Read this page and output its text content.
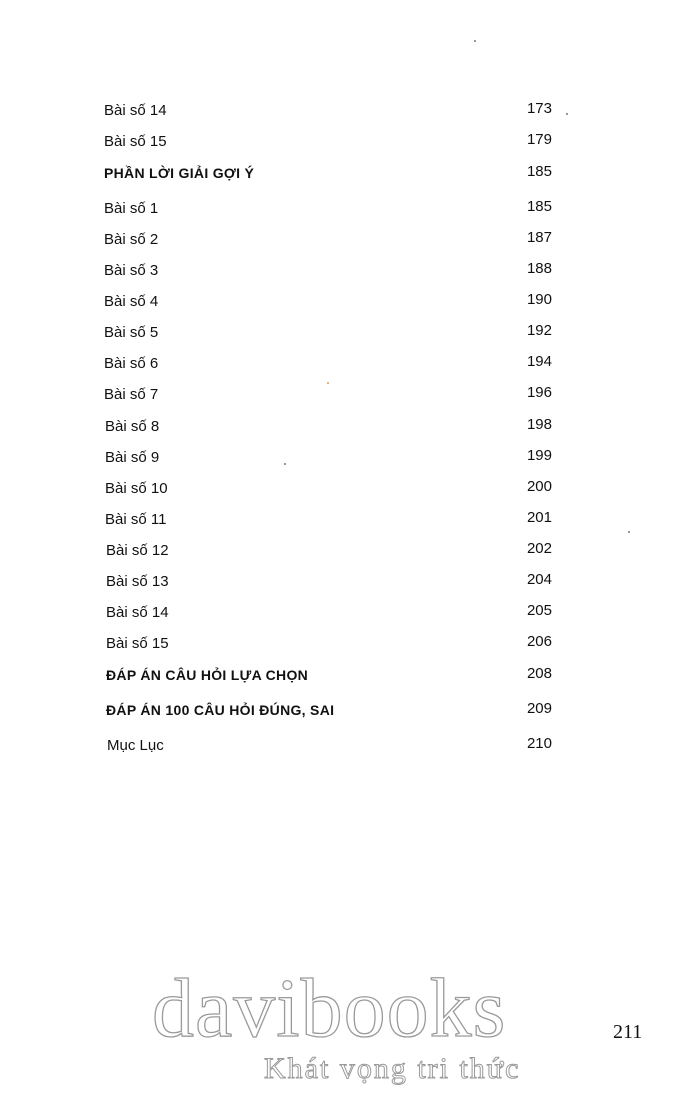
Bài số 14	173
Bài số 15	179
PHẦN LỜI GIẢI GỢI Ý	185
Bài số 1	185
Bài số 2	187
Bài số 3	188
Bài số 4	190
Bài số 5	192
Bài số 6	194
Bài số 7	196
Bài số 8	198
Bài số 9	199
Bài số 10	200
Bài số 11	201
Bài số 12	202
Bài số 13	204
Bài số 14	205
Bài số 15	206
ĐÁP ÁN CÂU HỎI LỰA CHỌN	208
ĐÁP ÁN 100 CÂU HỎI ĐÚNG, SAI	209
Mục Lục	210
211
davibooks
Khát vọng tri thức
